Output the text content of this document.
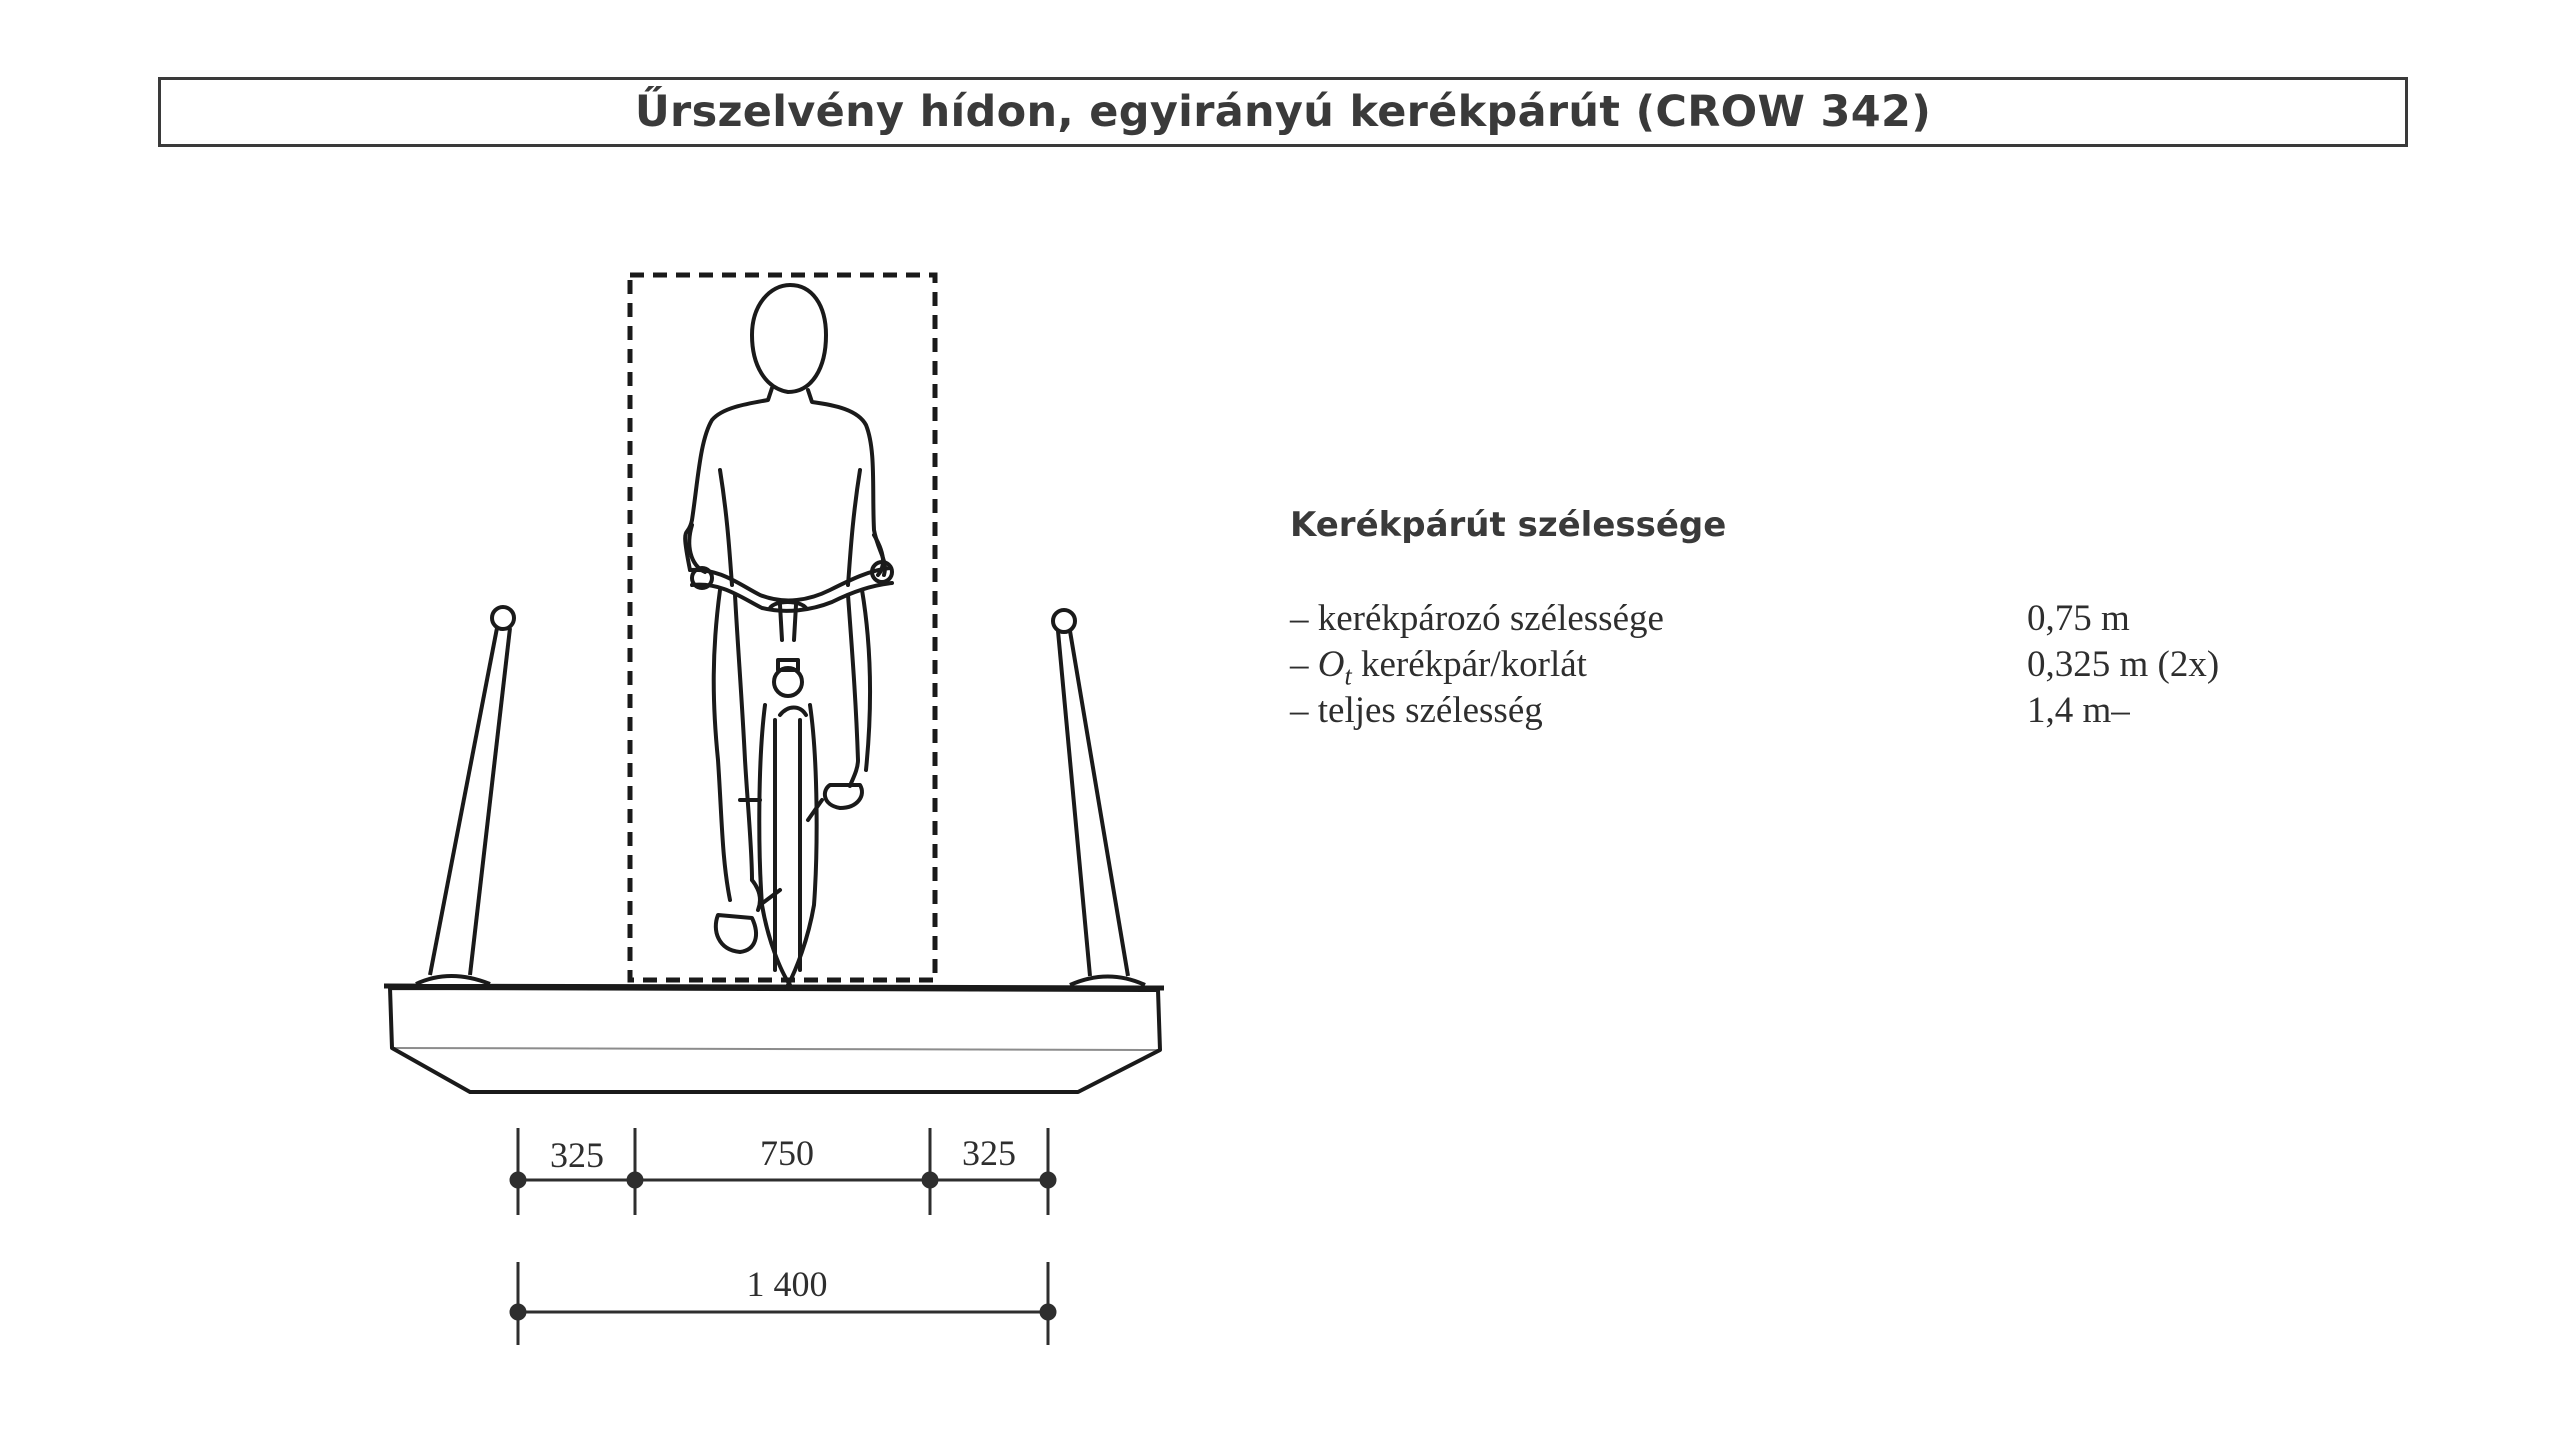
Űrszelvény hídon, egyirányú kerékpárút (CROW 342)
325	750	325
1 400
Kerékpárút szélessége
– kerékpározó szélessége	0,75 m
– $O_t$ kerékpár/korlát	0,325 m (2x)
– teljes szélesség	1,4 m–
